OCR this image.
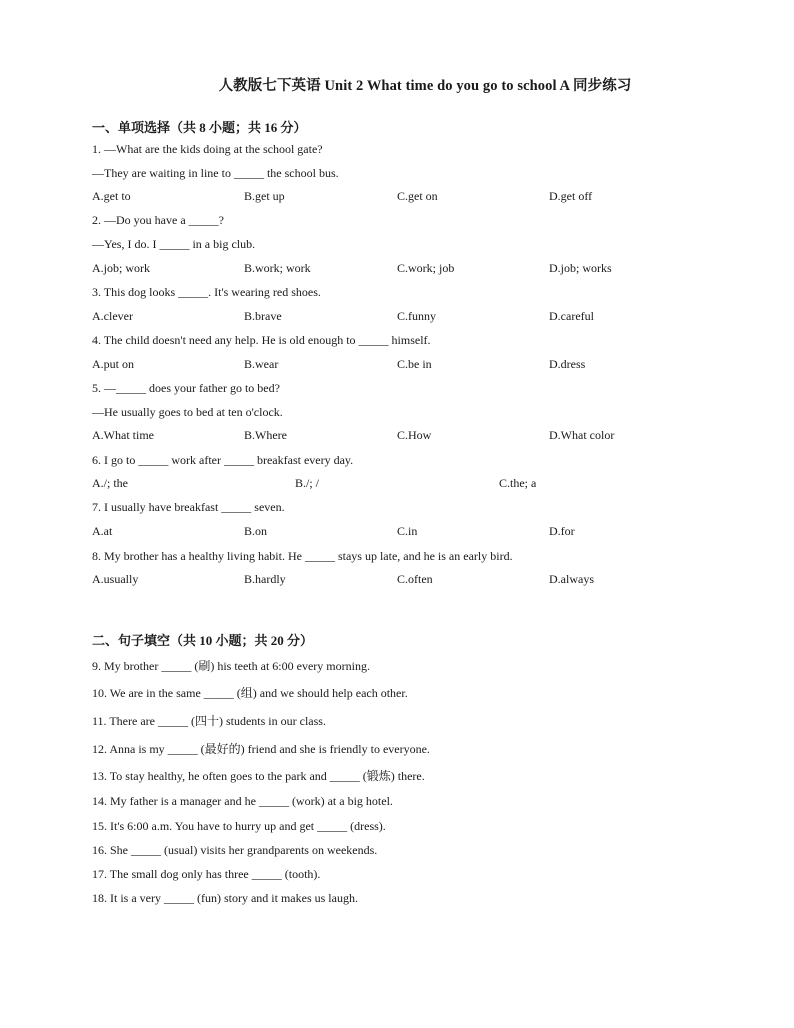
人教版七下英语 Unit 2 What time do you go to school A 同步练习
一、单项选择（共 8 小题；共 16 分）
1. —What are the kids doing at the school gate?
—They are waiting in line to _____ the school bus.
A.get to	B.get up	C.get on	D.get off
2. —Do you have a _____?
—Yes, I do. I _____ in a big club.
A.job; work	B.work; work	C.work; job	D.job; works
3. This dog looks _____. It's wearing red shoes.
A.clever	B.brave	C.funny	D.careful
4. The child doesn't need any help. He is old enough to _____ himself.
A.put on	B.wear	C.be in	D.dress
5. —_____ does your father go to bed?
—He usually goes to bed at ten o'clock.
A.What time	B.Where	C.How	D.What color
6. I go to _____ work after _____ breakfast every day.
A./; the	B./; /	C.the; a
7. I usually have breakfast _____ seven.
A.at	B.on	C.in	D.for
8. My brother has a healthy living habit. He _____ stays up late, and he is an early bird.
A.usually	B.hardly	C.often	D.always
二、句子填空（共 10 小题；共 20 分）
9. My brother _____ (刷) his teeth at 6:00 every morning.
10. We are in the same _____ (组) and we should help each other.
11. There are _____ (四十) students in our class.
12. Anna is my _____ (最好的) friend and she is friendly to everyone.
13. To stay healthy, he often goes to the park and _____ (锻炼) there.
14. My father is a manager and he _____ (work) at a big hotel.
15. It's 6:00 a.m. You have to hurry up and get _____ (dress).
16. She _____ (usual) visits her grandparents on weekends.
17. The small dog only has three _____ (tooth).
18. It is a very _____ (fun) story and it makes us laugh.
